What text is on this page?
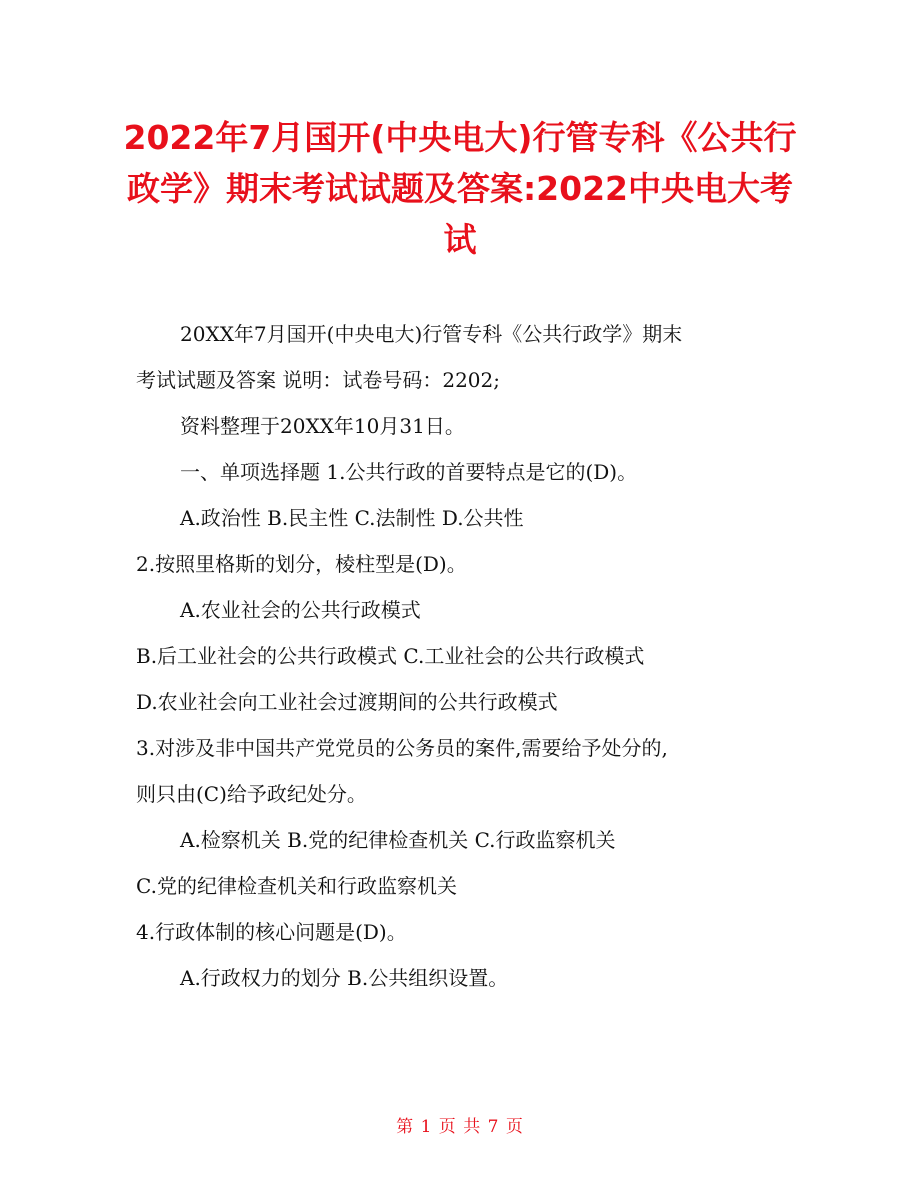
2022年7月国开(中央电大)行管专科《公共行政学》期末考试试题及答案:2022中央电大考试
20XX年7月国开(中央电大)行管专科《公共行政学》期末
考试试题及答案 说明：试卷号码：2202;
资料整理于20XX年10月31日。
一、单项选择题 1.公共行政的首要特点是它的(D)。
A.政治性 B.民主性 C.法制性 D.公共性
2.按照里格斯的划分，棱柱型是(D)。
A.农业社会的公共行政模式
B.后工业社会的公共行政模式 C.工业社会的公共行政模式
D.农业社会向工业社会过渡期间的公共行政模式
3.对涉及非中国共产党党员的公务员的案件,需要给予处分的,
则只由(C)给予政纪处分。
A.检察机关 B.党的纪律检查机关 C.行政监察机关
C.党的纪律检查机关和行政监察机关
4.行政体制的核心问题是(D)。
A.行政权力的划分 B.公共组织设置。
第 1 页 共 7 页
